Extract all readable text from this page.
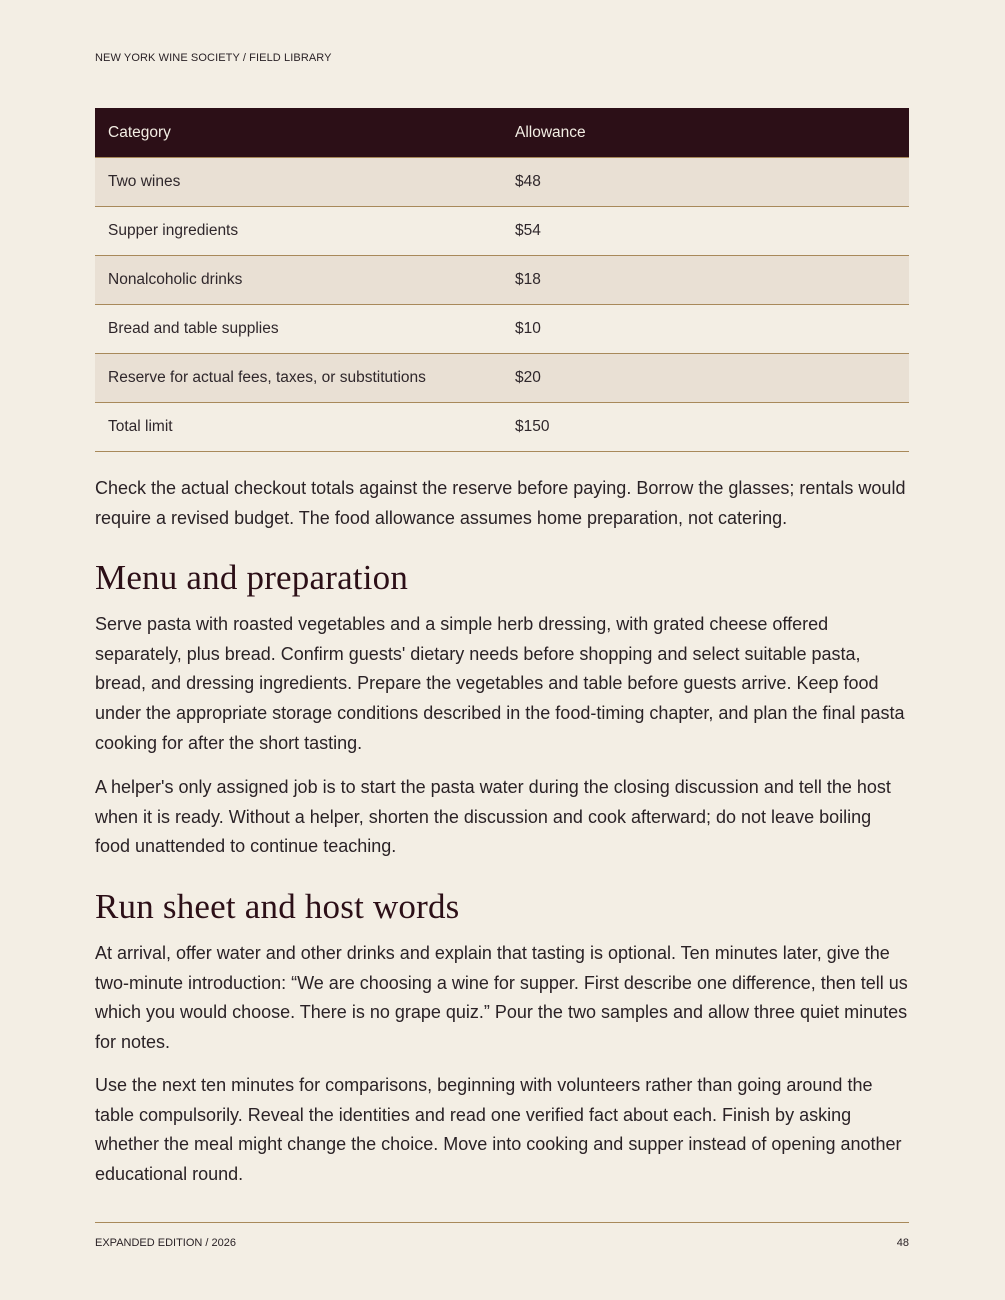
NEW YORK WINE SOCIETY / FIELD LIBRARY
Category	Allowance
Two wines	$48
Supper ingredients	$54
Nonalcoholic drinks	$18
Bread and table supplies	$10
Reserve for actual fees, taxes, or substitutions	$20
Total limit	$150

Check the actual checkout totals against the reserve before paying. Borrow the glasses; rentals would require a revised budget. The food allowance assumes home preparation, not catering.

Menu and preparation

Serve pasta with roasted vegetables and a simple herb dressing, with grated cheese offered separately, plus bread. Confirm guests' dietary needs before shopping and select suitable pasta, bread, and dressing ingredients. Prepare the vegetables and table before guests arrive. Keep food under the appropriate storage conditions described in the food-timing chapter, and plan the final pasta cooking for after the short tasting.

A helper's only assigned job is to start the pasta water during the closing discussion and tell the host when it is ready. Without a helper, shorten the discussion and cook afterward; do not leave boiling food unattended to continue teaching.

Run sheet and host words

At arrival, offer water and other drinks and explain that tasting is optional. Ten minutes later, give the two-minute introduction: “We are choosing a wine for supper. First describe one difference, then tell us which you would choose. There is no grape quiz.” Pour the two samples and allow three quiet minutes for notes.

Use the next ten minutes for comparisons, beginning with volunteers rather than going around the table compulsorily. Reveal the identities and read one verified fact about each. Finish by asking whether the meal might change the choice. Move into cooking and supper instead of opening another educational round.

EXPANDED EDITION / 2026	48
